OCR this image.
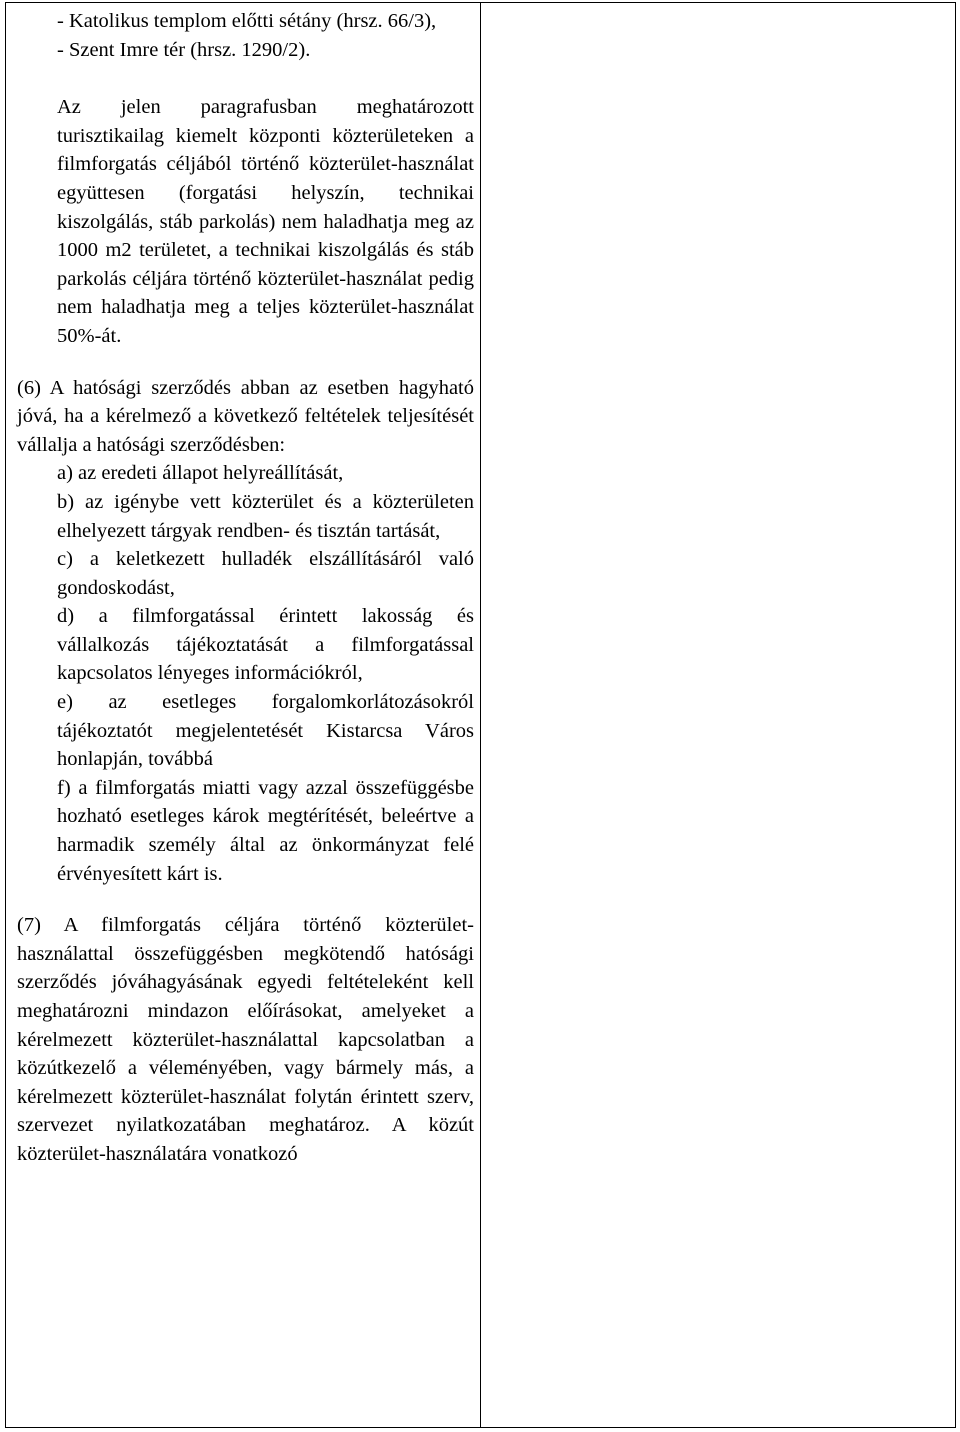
- Katolikus templom előtti sétány (hrsz. 66/3),

- Szent Imre tér (hrsz. 1290/2).

Az jelen paragrafusban meghatározott turisztikailag kiemelt központi közterületeken a filmforgatás céljából történő közterület-használat együttesen (forgatási helyszín, technikai kiszolgálás, stáb parkolás) nem haladhatja meg az 1000 m2 területet, a technikai kiszolgálás és stáb parkolás céljára történő közterület-használat pedig nem haladhatja meg a teljes közterület-használat 50%-át.

(6) A hatósági szerződés abban az esetben hagyható jóvá, ha a kérelmező a következő feltételek teljesítését vállalja a hatósági szerződésben:

a) az eredeti állapot helyreállítását,

b) az igénybe vett közterület és a közterületen elhelyezett tárgyak rendben- és tisztán tartását,

c) a keletkezett hulladék elszállításáról való gondoskodást,

d) a filmforgatással érintett lakosság és vállalkozás tájékoztatását a filmforgatással kapcsolatos lényeges információkról,

e) az esetleges forgalomkorlátozásokról tájékoztatót megjelentetését Kistarcsa Város honlapján, továbbá

f) a filmforgatás miatti vagy azzal összefüggésbe hozható esetleges károk megtérítését, beleértve a harmadik személy által az önkormányzat felé érvényesített kárt is.

(7) A filmforgatás céljára történő közterület-használattal összefüggésben megkötendő hatósági szerződés jóváhagyásának egyedi feltételeként kell meghatározni mindazon előírásokat, amelyeket a kérelmezett közterület-használattal kapcsolatban a közútkezelő a véleményében, vagy bármely más, a kérelmezett közterület-használat folytán érintett szerv, szervezet nyilatkozatában meghatároz. A közút közterület-használatára vonatkozó
